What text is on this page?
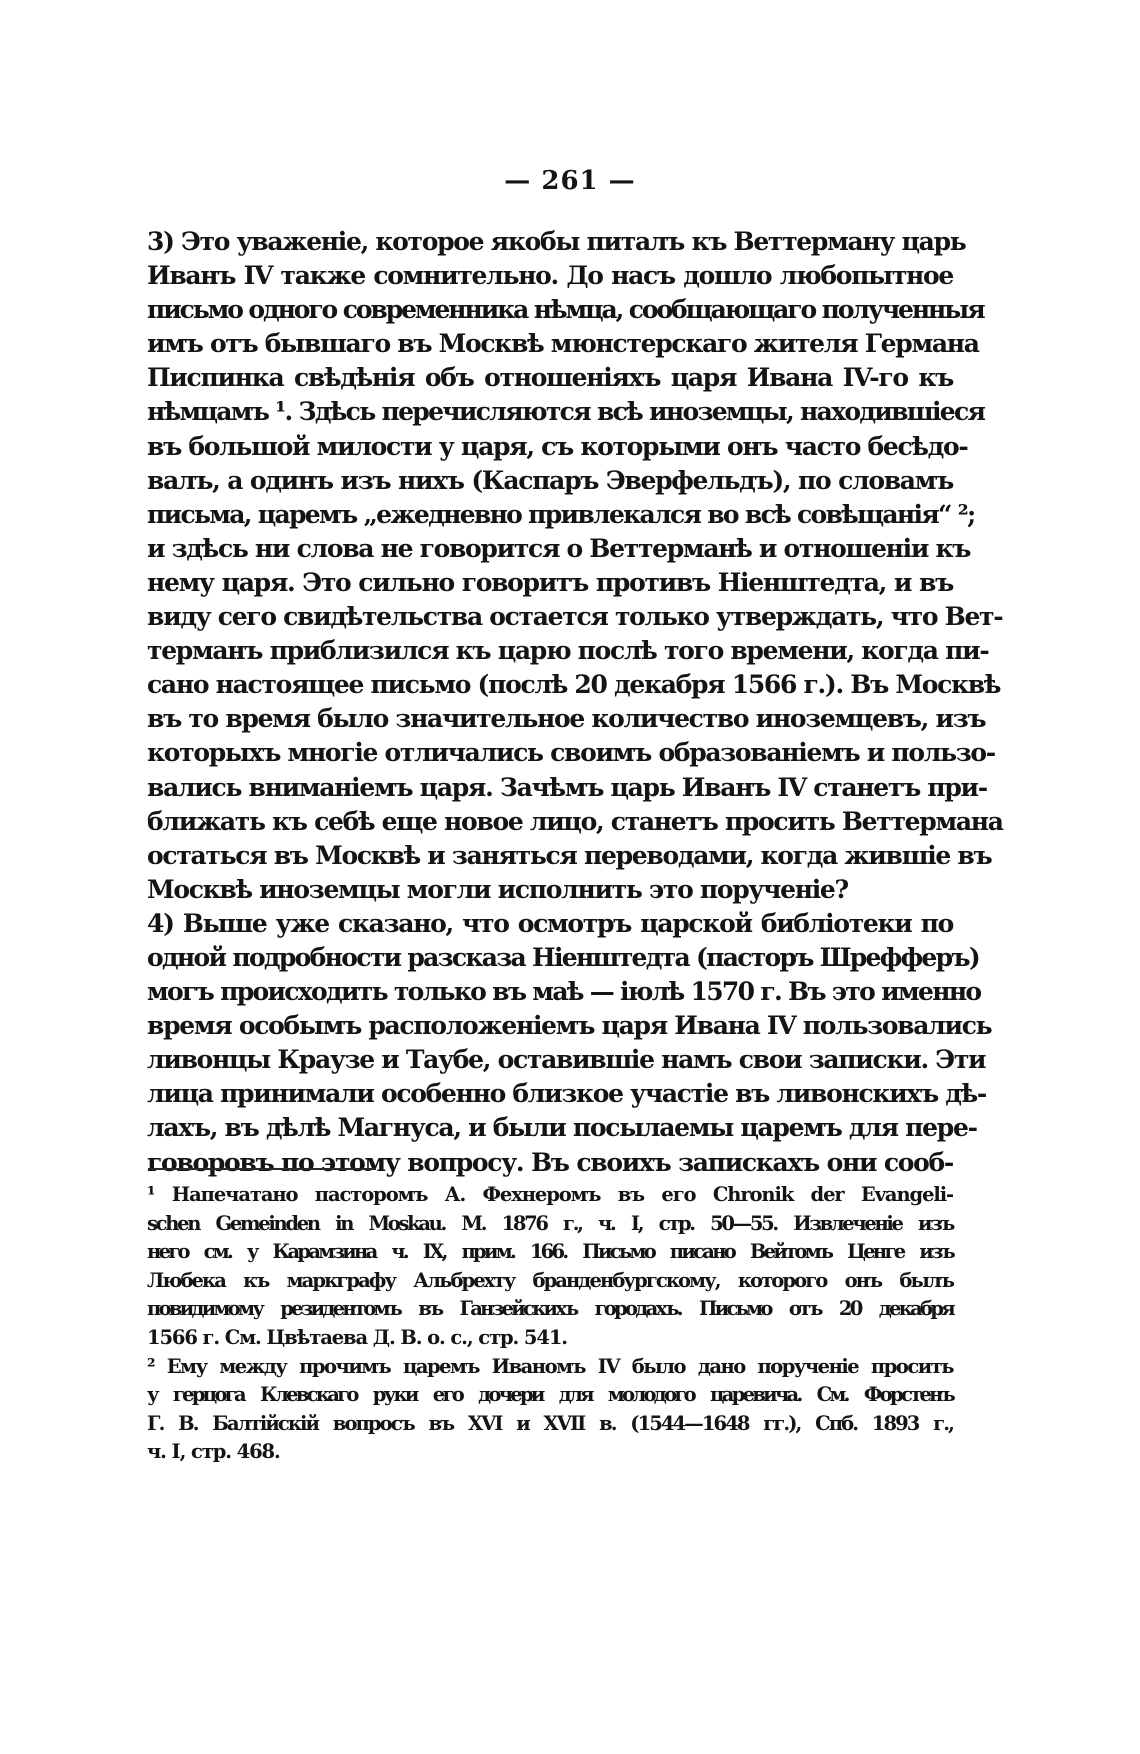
— 261 —
3) Это уваженіе, которое якобы питалъ къ Веттерману царь
Иванъ IV также сомнительно. До насъ дошло любопытное
письмо одного современника нѣмца, сообщающаго полученныя
имъ отъ бывшаго въ Москвѣ мюнстерскаго жителя Германа
Писпинка свѣдѣнія объ отношеніяхъ царя Ивана IV-го къ
нѣмцамъ ¹. Здѣсь перечисляются всѣ иноземцы, находившіеся
въ большой милости у царя, съ которыми онъ часто бесѣдо-
валъ, а одинъ изъ нихъ (Каспаръ Эверфельдъ), по словамъ
письма, царемъ „ежедневно привлекался во всѣ совѣщанія“ ²;
и здѣсь ни слова не говорится о Веттерманѣ и отношеніи къ
нему царя. Это сильно говоритъ противъ Ніенштедта, и въ
виду сего свидѣтельства остается только утверждать, что Вет-
терманъ приблизился къ царю послѣ того времени, когда пи-
сано настоящее письмо (послѣ 20 декабря 1566 г.). Въ Москвѣ
въ то время было значительное количество иноземцевъ, изъ
которыхъ многіе отличались своимъ образованіемъ и пользо-
вались вниманіемъ царя. Зачѣмъ царь Иванъ IV станетъ при-
ближать къ себѣ еще новое лицо, станетъ просить Веттермана
остаться въ Москвѣ и заняться переводами, когда жившіе въ
Москвѣ иноземцы могли исполнить это порученіе?
4) Выше уже сказано, что осмотръ царской библіотеки по
одной подробности разсказа Ніенштедта (пасторъ Шрефферъ)
могъ происходить только въ маѣ — іюлѣ 1570 г. Въ это именно
время особымъ расположеніемъ царя Ивана IV пользовались
ливонцы Краузе и Таубе, оставившіе намъ свои записки. Эти
лица принимали особенно близкое участіе въ ливонскихъ дѣ-
лахъ, въ дѣлѣ Магнуса, и были посылаемы царемъ для пере-
говоровъ по этому вопросу. Въ своихъ запискахъ они сооб-
¹ Напечатано пасторомъ А. Фехнеромъ въ его Chronik der Evangeli-
schen Gemeinden in Moskau. М. 1876 г., ч. I, стр. 50—55. Извлеченіе изъ
него см. у Карамзина ч. IX, прим. 166. Письмо писано Вейтомъ Ценге изъ
Любека къ маркграфу Альбрехту бранденбургскому, которого онъ былъ
повидимому резидентомъ въ Ганзейскихъ городахъ. Письмо отъ 20 декабря
1566 г. См. Цвѣтаева Д. В. о. с., стр. 541.
² Ему между прочимъ царемъ Иваномъ IV было дано порученіе просить
у герцога Клевскаго руки его дочери для молодого царевича. См. Форстенъ
Г. В. Балтійскій вопросъ въ XVI и XVII в. (1544—1648 гг.), Спб. 1893 г.,
ч. I, стр. 468.
